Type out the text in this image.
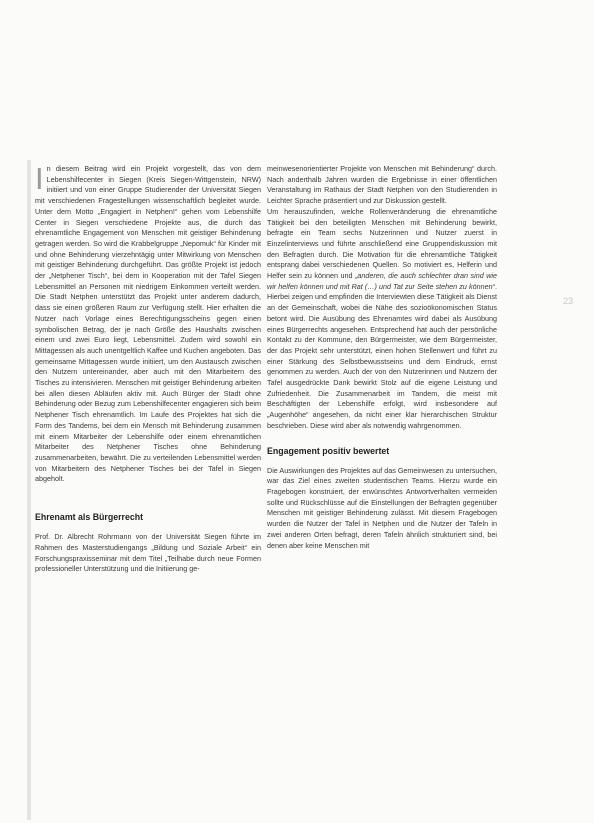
In diesem Beitrag wird ein Projekt vorgestellt, das von dem Lebenshilfecenter in Siegen (Kreis Siegen-Wittgenstein, NRW) initiiert und von einer Gruppe Studierender der Universität Siegen mit verschiedenen Fragestellungen wissenschaftlich begleitet wurde. Unter dem Motto „Engagiert in Netphen!“ gehen vom Lebenshilfe Center in Siegen verschiedene Projekte aus, die durch das ehrenamtliche Engagement von Menschen mit geistiger Behinderung getragen werden. So wird die Krabbelgruppe „Nepomuk“ für Kinder mit und ohne Behinderung vierzehntägig unter Mitwirkung von Menschen mit geistiger Behinderung durchgeführt. Das größte Projekt ist jedoch der „Netphener Tisch“, bei dem in Kooperation mit der Tafel Siegen Lebensmittel an Personen mit niedrigem Einkommen verteilt werden. Die Stadt Netphen unterstützt das Projekt unter anderem dadurch, dass sie einen größeren Raum zur Verfügung stellt. Hier erhalten die Nutzer nach Vorlage eines Berechtigungsscheins gegen einen symbolischen Betrag, der je nach Größe des Haushalts zwischen einem und zwei Euro liegt, Lebensmittel. Zudem wird sowohl ein Mittagessen als auch unentgeltlich Kaffee und Kuchen angeboten. Das gemeinsame Mittagessen wurde initiiert, um den Austausch zwischen den Nutzern untereinander, aber auch mit den Mitarbeitern des Tisches zu intensivieren. Menschen mit geistiger Behinderung arbeiten bei allen diesen Abläufen aktiv mit. Auch Bürger der Stadt ohne Behinderung oder Bezug zum Lebenshilfecenter engagieren sich beim Netphener Tisch ehrenamtlich. Im Laufe des Projektes hat sich die Form des Tandems, bei dem ein Mensch mit Behinderung zusammen mit einem Mitarbeiter der Lebenshilfe oder einem ehrenamtlichen Mitarbeiter des Netphener Tisches ohne Behinderung zusammenarbeiten, bewährt. Die zu verteilenden Lebensmittel werden von Mitarbeitern des Netphener Tisches bei der Tafel in Siegen abgeholt.

Ehrenamt als Bürgerrecht

Prof. Dr. Albrecht Rohrmann von der Universität Siegen führte im Rahmen des Masterstudiengangs „Bildung und Soziale Arbeit“ ein Forschungspraxisseminar mit dem Titel „Teilhabe durch neue Formen professioneller Unterstützung und die Initiierung ge-

meinwesenorientierter Projekte von Menschen mit Behinderung“ durch. Nach anderthalb Jahren wurden die Ergebnisse in einer öffentlichen Veranstaltung im Rathaus der Stadt Netphen von den Studierenden in Leichter Sprache präsentiert und zur Diskussion gestellt.

Um herauszufinden, welche Rollenveränderung die ehrenamtliche Tätigkeit bei den beteiligten Menschen mit Behinderung bewirkt, befragte ein Team sechs Nutzerinnen und Nutzer zuerst in Einzelinterviews und führte anschließend eine Gruppendiskussion mit den Befragten durch. Die Motivation für die ehrenamtliche Tätigkeit entsprang dabei verschiedenen Quellen. So motiviert es, Helferin und Helfer sein zu können und „anderen, die auch schlechter dran sind wie wir helfen können und mit Rat (…) und Tat zur Seite stehen zu können“. Hierbei zeigen und empfinden die Interviewten diese Tätigkeit als Dienst an der Gemeinschaft, wobei die Nähe des sozioökonomischen Status betont wird. Die Ausübung des Ehrenamtes wird dabei als Ausübung eines Bürgerrechts angesehen. Entsprechend hat auch der persönliche Kontakt zu der Kommune, den Bürgermeister, wie dem Bürgermeister, der das Projekt sehr unterstützt, einen hohen Stellenwert und führt zu einer Stärkung des Selbstbewusstseins und dem Eindruck, ernst genommen zu werden. Auch der von den Nutzerinnen und Nutzern der Tafel ausgedrückte Dank bewirkt Stolz auf die eigene Leistung und Zufriedenheit. Die Zusammenarbeit im Tandem, die meist mit Beschäftigten der Lebenshilfe erfolgt, wird insbesondere auf „Augenhöhe“ angesehen, da nicht einer klar hierarchischen Struktur beschrieben. Diese wird aber als notwendig wahrgenommen.

Engagement positiv bewertet

Die Auswirkungen des Projektes auf das Gemeinwesen zu untersuchen, war das Ziel eines zweiten studentischen Teams. Hierzu wurde ein Fragebogen konstruiert, der erwünschtes Antwortverhalten vermeiden sollte und Rückschlüsse auf die Einstellungen der Befragten gegenüber Menschen mit geistiger Behinderung zulässt. Mit diesem Fragebogen wurden die Nutzer der Tafel in Netphen und die Nutzer der Tafeln in zwei anderen Orten befragt, deren Tafeln ähnlich strukturiert sind, bei denen aber keine Menschen mit

23
